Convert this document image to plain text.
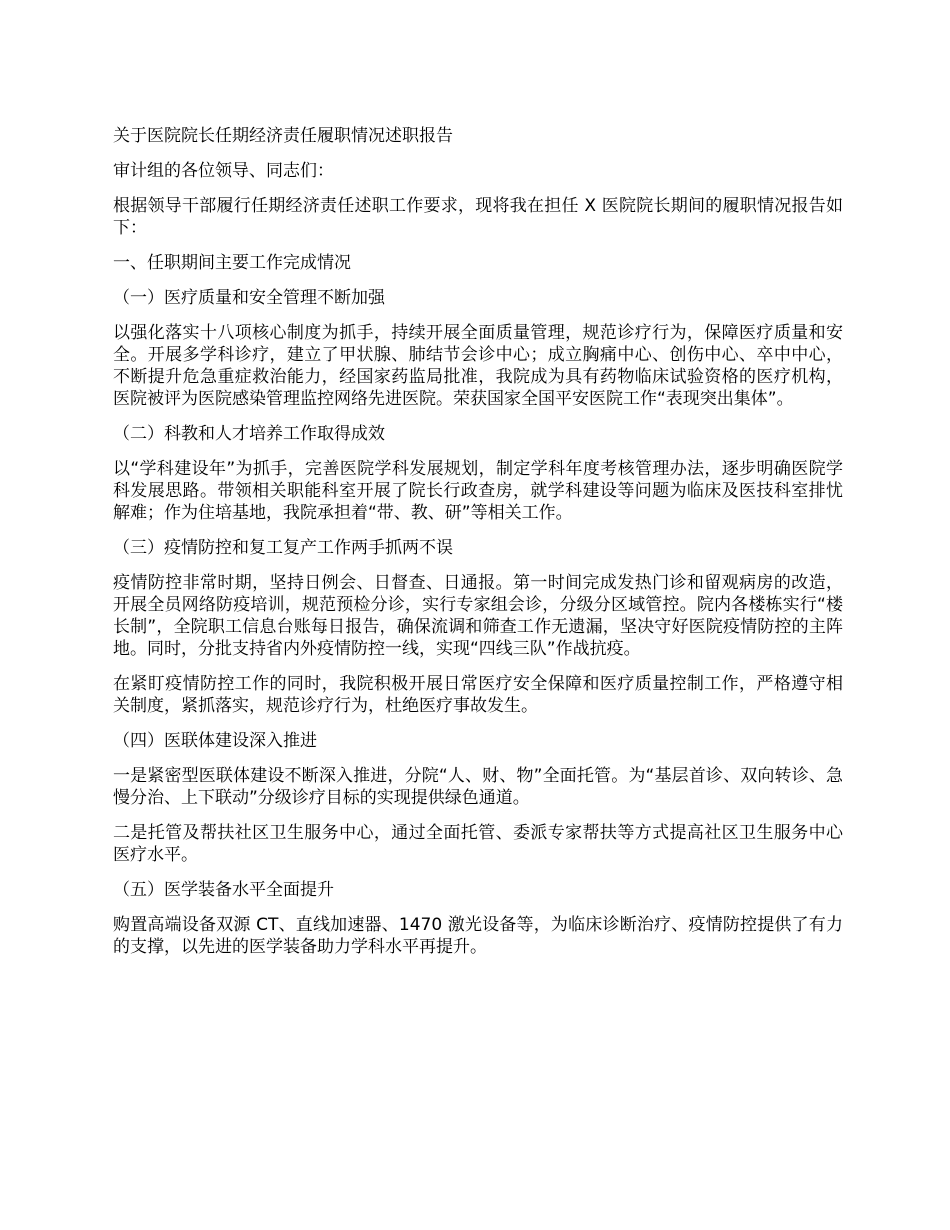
关于医院院长任期经济责任履职情况述职报告
审计组的各位领导、同志们：
根据领导干部履行任期经济责任述职工作要求，现将我在担任 X 医院院长期间的履职情况报告如下：
一、任职期间主要工作完成情况
（一）医疗质量和安全管理不断加强
以强化落实十八项核心制度为抓手，持续开展全面质量管理，规范诊疗行为，保障医疗质量和安全。开展多学科诊疗，建立了甲状腺、肺结节会诊中心；成立胸痛中心、创伤中心、卒中中心，不断提升危急重症救治能力，经国家药监局批准，我院成为具有药物临床试验资格的医疗机构，医院被评为医院感染管理监控网络先进医院。荣获国家全国平安医院工作“表现突出集体”。
（二）科教和人才培养工作取得成效
以“学科建设年”为抓手，完善医院学科发展规划，制定学科年度考核管理办法，逐步明确医院学科发展思路。带领相关职能科室开展了院长行政查房，就学科建设等问题为临床及医技科室排忧解难；作为住培基地，我院承担着“带、教、研”等相关工作。
（三）疫情防控和复工复产工作两手抓两不误
疫情防控非常时期，坚持日例会、日督查、日通报。第一时间完成发热门诊和留观病房的改造，开展全员网络防疫培训，规范预检分诊，实行专家组会诊，分级分区域管控。院内各楼栋实行“楼长制”，全院职工信息台账每日报告，确保流调和筛查工作无遗漏，坚决守好医院疫情防控的主阵地。同时，分批支持省内外疫情防控一线，实现“四线三队”作战抗疫。
在紧盯疫情防控工作的同时，我院积极开展日常医疗安全保障和医疗质量控制工作，严格遵守相关制度，紧抓落实，规范诊疗行为，杜绝医疗事故发生。
（四）医联体建设深入推进
一是紧密型医联体建设不断深入推进，分院“人、财、物”全面托管。为“基层首诊、双向转诊、急慢分治、上下联动”分级诊疗目标的实现提供绿色通道。
二是托管及帮扶社区卫生服务中心，通过全面托管、委派专家帮扶等方式提高社区卫生服务中心医疗水平。
（五）医学装备水平全面提升
购置高端设备双源 CT、直线加速器、1470 激光设备等，为临床诊断治疗、疫情防控提供了有力的支撑，以先进的医学装备助力学科水平再提升。
